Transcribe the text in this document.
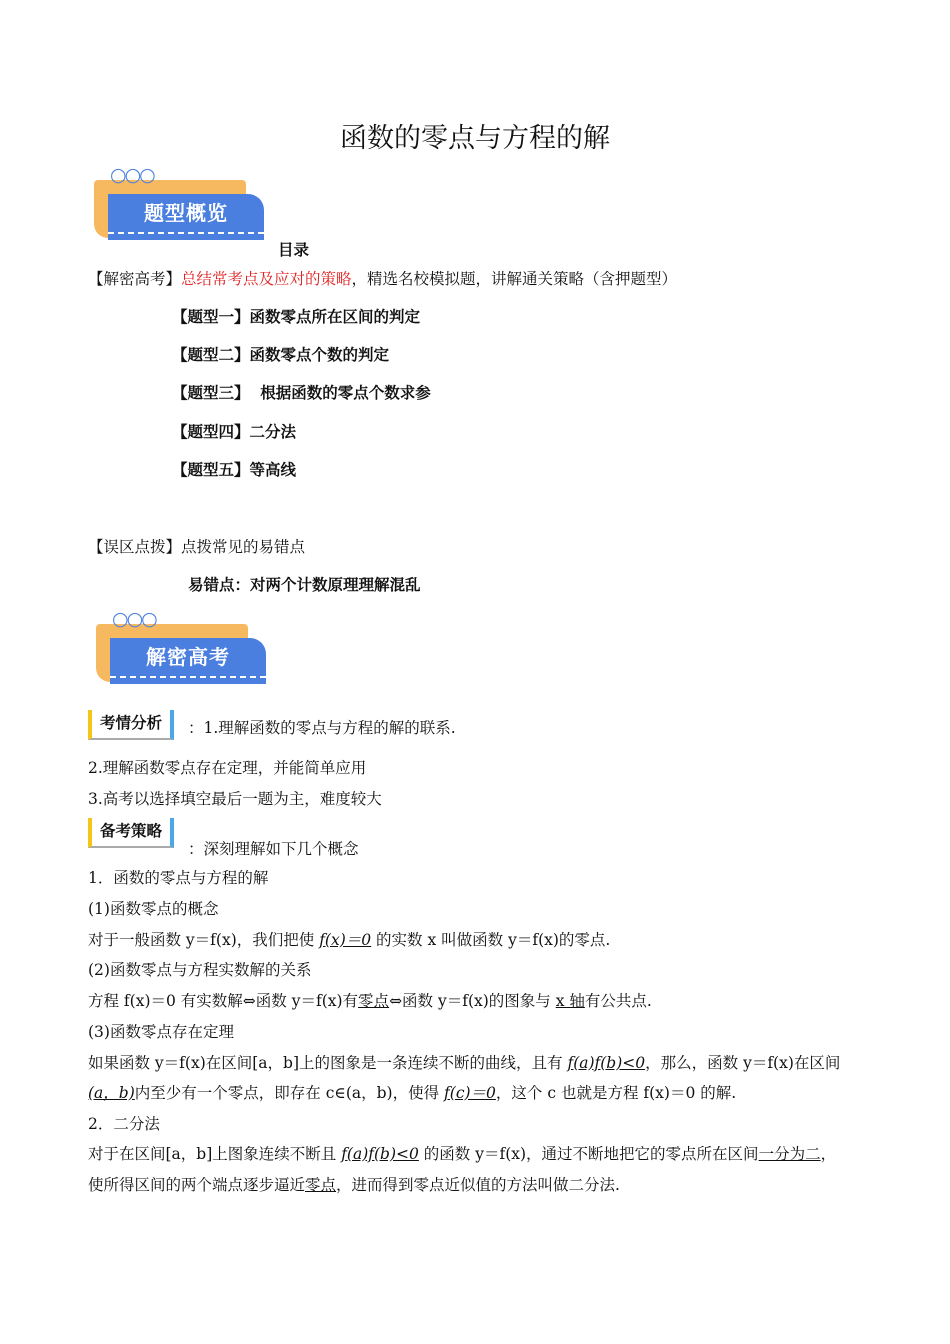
函数的零点与方程的解
○○○
题型概览
目录
【解密高考】总结常考点及应对的策略，精选名校模拟题，讲解通关策略（含押题型）
【题型一】函数零点所在区间的判定
【题型二】函数零点个数的判定
【题型三】  根据函数的零点个数求参
【题型四】二分法
【题型五】等高线
【误区点拨】点拨常见的易错点
易错点：对两个计数原理理解混乱
○○○
解密高考
考情分析	：1.理解函数的零点与方程的解的联系.
2.理解函数零点存在定理，并能简单应用
3.高考以选择填空最后一题为主，难度较大
备考策略
：深刻理解如下几个概念
1．函数的零点与方程的解
(1)函数零点的概念
对于一般函数 y＝f(x)，我们把使 f(x)＝0 的实数 x 叫做函数 y＝f(x)的零点.
(2)函数零点与方程实数解的关系
方程 f(x)＝0 有实数解⇔函数 y＝f(x)有零点⇔函数 y＝f(x)的图象与 x 轴有公共点.
(3)函数零点存在定理
如果函数 y＝f(x)在区间[a，b]上的图象是一条连续不断的曲线，且有 f(a)f(b)<0，那么，函数 y＝f(x)在区间
(a，b)内至少有一个零点，即存在 c∈(a，b)，使得 f(c)＝0，这个 c 也就是方程 f(x)＝0 的解.
2．二分法
对于在区间[a，b]上图象连续不断且 f(a)f(b)<0 的函数 y＝f(x)，通过不断地把它的零点所在区间一分为二，
使所得区间的两个端点逐步逼近零点，进而得到零点近似值的方法叫做二分法.
